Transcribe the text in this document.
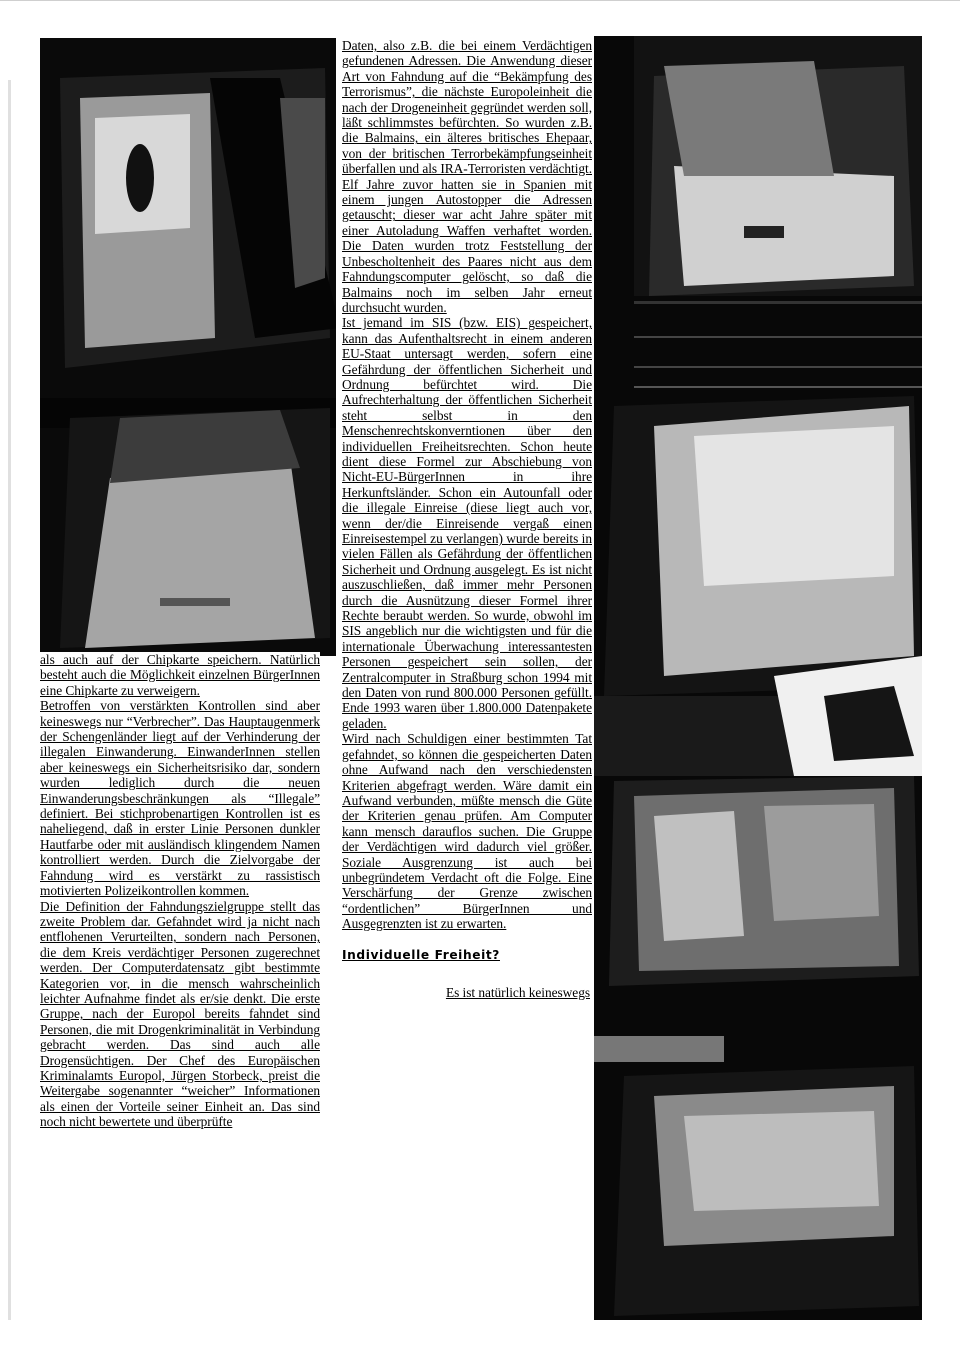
als auch auf der Chipkarte speichern. Natürlich besteht auch die Möglichkeit einzelnen BürgerInnen eine Chipkarte zu verweigern.

Betroffen von verstärkten Kontrollen sind aber keineswegs nur “Verbrecher”. Das Hauptaugenmerk der Schengenländer liegt auf der Verhinderung der illegalen Einwanderung. EinwanderInnen stellen aber keineswegs ein Sicherheitsrisiko dar, sondern wurden lediglich durch die neuen Einwanderungsbeschränkungen als “Illegale” definiert. Bei stichprobenartigen Kontrollen ist es naheliegend, daß in erster Linie Personen dunkler Hautfarbe oder mit ausländisch klingendem Namen kontrolliert werden. Durch die Zielvorgabe der Fahndung wird es verstärkt zu rassistisch motivierten Polizeikontrollen kommen.

Die Definition der Fahndungszielgruppe stellt das zweite Problem dar. Gefahndet wird ja nicht nach entflohenen Verurteilten, sondern nach Personen, die dem Kreis verdächtiger Personen zugerechnet werden. Der Computerdatensatz gibt bestimmte Kategorien vor, in die mensch wahrscheinlich leichter Aufnahme findet als er/sie denkt. Die erste Gruppe, nach der Europol bereits fahndet sind Personen, die mit Drogenkriminalität in Verbindung gebracht werden. Das sind auch alle Drogensüchtigen. Der Chef des Europäischen Kriminalamts Europol, Jürgen Storbeck, preist die Weitergabe sogenannter “weicher” Informationen als einen der Vorteile seiner Einheit an. Das sind noch nicht bewertete und überprüfte

Daten, also z.B. die bei einem Verdächtigen gefundenen Adressen. Die Anwendung dieser Art von Fahndung auf die “Bekämpfung des Terrorismus”, die nächste Europoleinheit die nach der Drogeneinheit gegründet werden soll, läßt schlimmstes befürchten. So wurden z.B. die Balmains, ein älteres britisches Ehepaar, von der britischen Terrorbekämpfungseinheit überfallen und als IRA-Terroristen verdächtigt. Elf Jahre zuvor hatten sie in Spanien mit einem jungen Autostopper die Adressen getauscht; dieser war acht Jahre später mit einer Autoladung Waffen verhaftet worden. Die Daten wurden trotz Feststellung der Unbescholtenheit des Paares nicht aus dem Fahndungscomputer gelöscht, so daß die Balmains noch im selben Jahr erneut durchsucht wurden.

Ist jemand im SIS (bzw. EIS) gespeichert, kann das Aufenthaltsrecht in einem anderen EU-Staat untersagt werden, sofern eine Gefährdung der öffentlichen Sicherheit und Ordnung befürchtet wird. Die Aufrechterhaltung der öffentlichen Sicherheit steht selbst in den Menschenrechtskonverntionen über den individuellen Freiheitsrechten. Schon heute dient diese Formel zur Abschiebung von Nicht-EU-BürgerInnen in ihre Herkunftsländer. Schon ein Autounfall oder die illegale Einreise (diese liegt auch vor, wenn der/die Einreisende vergaß einen Einreisestempel zu verlangen) wurde bereits in vielen Fällen als Gefährdung der öffentlichen Sicherheit und Ordnung ausgelegt. Es ist nicht auszuschließen, daß immer mehr Personen durch die Ausnützung dieser Formel ihrer Rechte beraubt werden. So wurde, obwohl im SIS angeblich nur die wichtigsten und für die internationale Überwachung interessantesten Personen gespeichert sein sollen, der Zentralcomputer in Straßburg schon 1994 mit den Daten von rund 800.000 Personen gefüllt. Ende 1993 waren über 1.800.000 Datenpakete geladen.

Wird nach Schuldigen einer bestimmten Tat gefahndet, so können die gespeicherten Daten ohne Aufwand nach den verschiedensten Kriterien abgefragt werden. Wäre damit ein Aufwand verbunden, müßte mensch die Güte der Kriterien genau prüfen. Am Computer kann mensch darauflos suchen. Die Gruppe der Verdächtigen wird dadurch viel größer. Soziale Ausgrenzung ist auch bei unbegründetem Verdacht oft die Folge. Eine Verschärfung der Grenze zwischen “ordentlichen” BürgerInnen und Ausgegrenzten ist zu erwarten.

Individuelle Freiheit?

Es ist natürlich keineswegs
